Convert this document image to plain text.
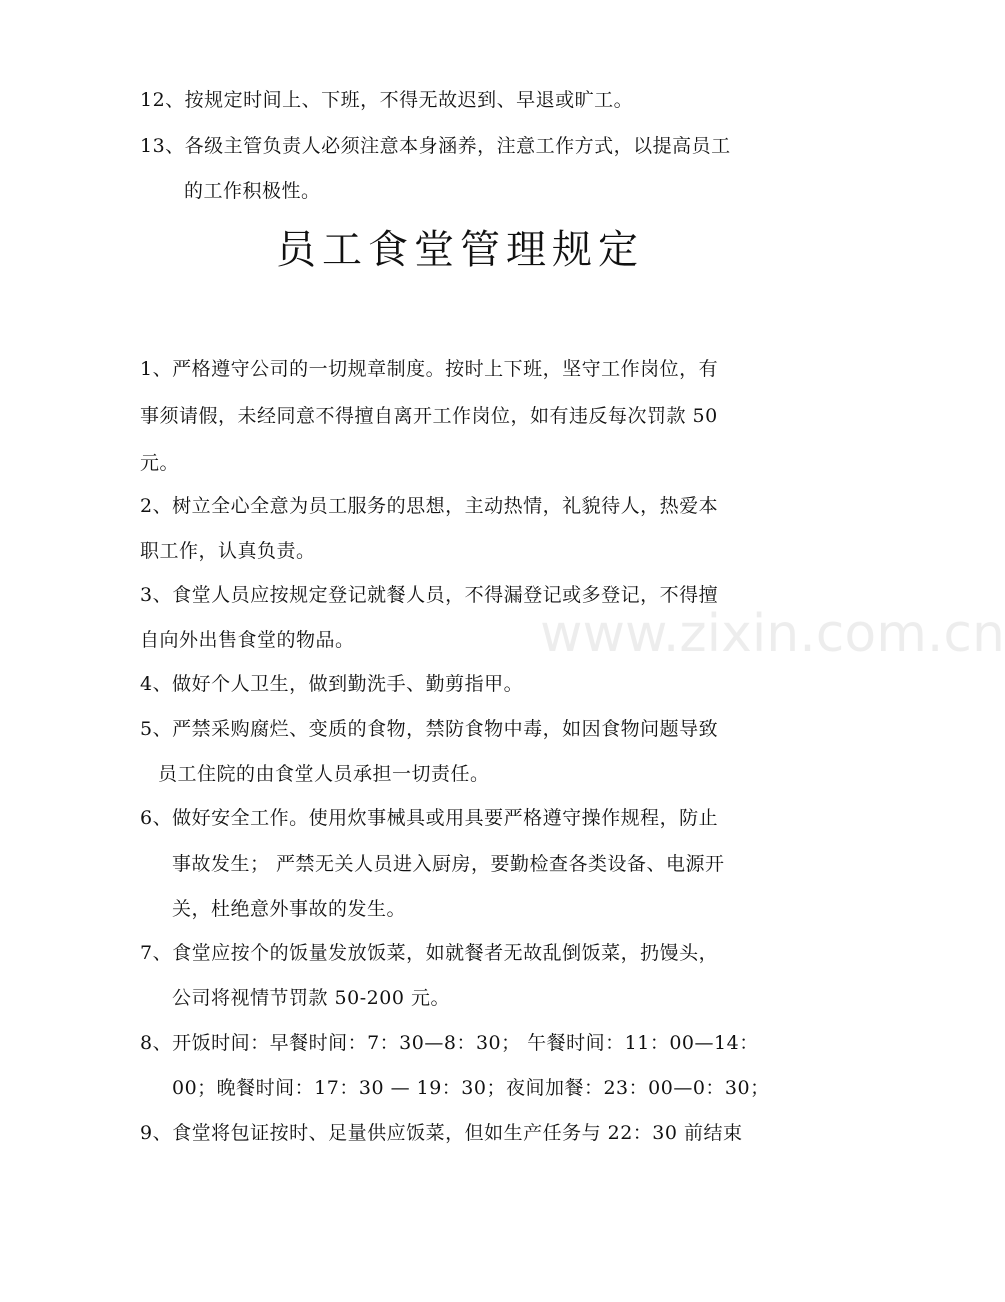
www.zixin.com.cn
12、按规定时间上、下班，不得无故迟到、早退或旷工。
13、各级主管负责人必须注意本身涵养，注意工作方式，以提高员工
的工作积极性。
员工食堂管理规定
1、严格遵守公司的一切规章制度。按时上下班，坚守工作岗位，有
事须请假，未经同意不得擅自离开工作岗位，如有违反每次罚款 50
元。
2、树立全心全意为员工服务的思想，主动热情，礼貌待人，热爱本
职工作，认真负责。
3、食堂人员应按规定登记就餐人员，不得漏登记或多登记，不得擅
自向外出售食堂的物品。
4、做好个人卫生，做到勤洗手、勤剪指甲。
5、严禁采购腐烂、变质的食物，禁防食物中毒，如因食物问题导致
员工住院的由食堂人员承担一切责任。
6、做好安全工作。使用炊事械具或用具要严格遵守操作规程，防止
事故发生； 严禁无关人员进入厨房，要勤检查各类设备、电源开
关，杜绝意外事故的发生。
7、食堂应按个的饭量发放饭菜，如就餐者无故乱倒饭菜，扔馒头，
公司将视情节罚款 50-200 元。
8、开饭时间：早餐时间：7：30—8：30； 午餐时间：11：00—14：
00；晚餐时间：17：30 — 19：30；夜间加餐：23：00—0：30；
9、食堂将包证按时、足量供应饭菜，但如生产任务与 22：30 前结束
